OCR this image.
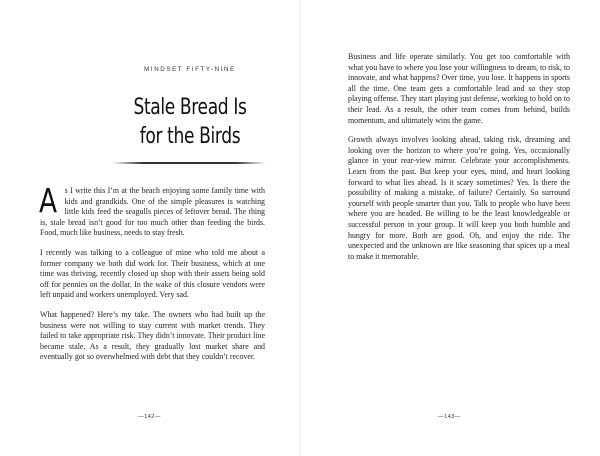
MINDSET FIFTY-NINE
Stale Bread Is
for the Birds

As I write this I’m at the beach enjoying some family time with kids and grandkids. One of the simple pleasures is watching little kids feed the seagulls pieces of leftover bread. The thing is, stale bread isn’t good for too much other than feeding the birds. Food, much like business, needs to stay fresh.

I recently was talking to a colleague of mine who told me about a former company we both did work for. Their business, which at one time was thriving, recently closed up shop with their assets being sold off for pennies on the dollar. In the wake of this closure vendors were left unpaid and workers unemployed. Very sad.

What happened? Here’s my take. The owners who had built up the business were not willing to stay current with market trends. They failed to take appropriate risk. They didn’t innovate. Their product line became stale. As a result, they gradually lost market share and eventually got so overwhelmed with debt that they couldn’t recover.

Business and life operate similarly. You get too comfortable with what you have to where you lose your willingness to dream, to risk, to innovate, and what happens? Over time, you lose. It happens in sports all the time. One team gets a comfortable lead and so they stop playing offense. They start playing just defense, working to hold on to their lead. As a result, the other team comes from behind, builds momentum, and ultimately wins the game.

Growth always involves looking ahead, taking risk, dreaming and looking over the horizon to where you’re going. Yes, occasionally glance in your rear-view mirror. Celebrate your accomplishments. Learn from the past. But keep your eyes, mind, and heart looking forward to what lies ahead. Is it scary sometimes? Yes. Is there the possibility of making a mistake, of failure? Certainly. So surround yourself with people smarter than you. Talk to people who have been where you are headed. Be willing to be the least knowledgeable or successful person in your group. It will keep you both humble and hungry for more. Both are good. Oh, and enjoy the ride. The unexpected and the unknown are like seasoning that spices up a meal to make it memorable.

—142—	—143—
